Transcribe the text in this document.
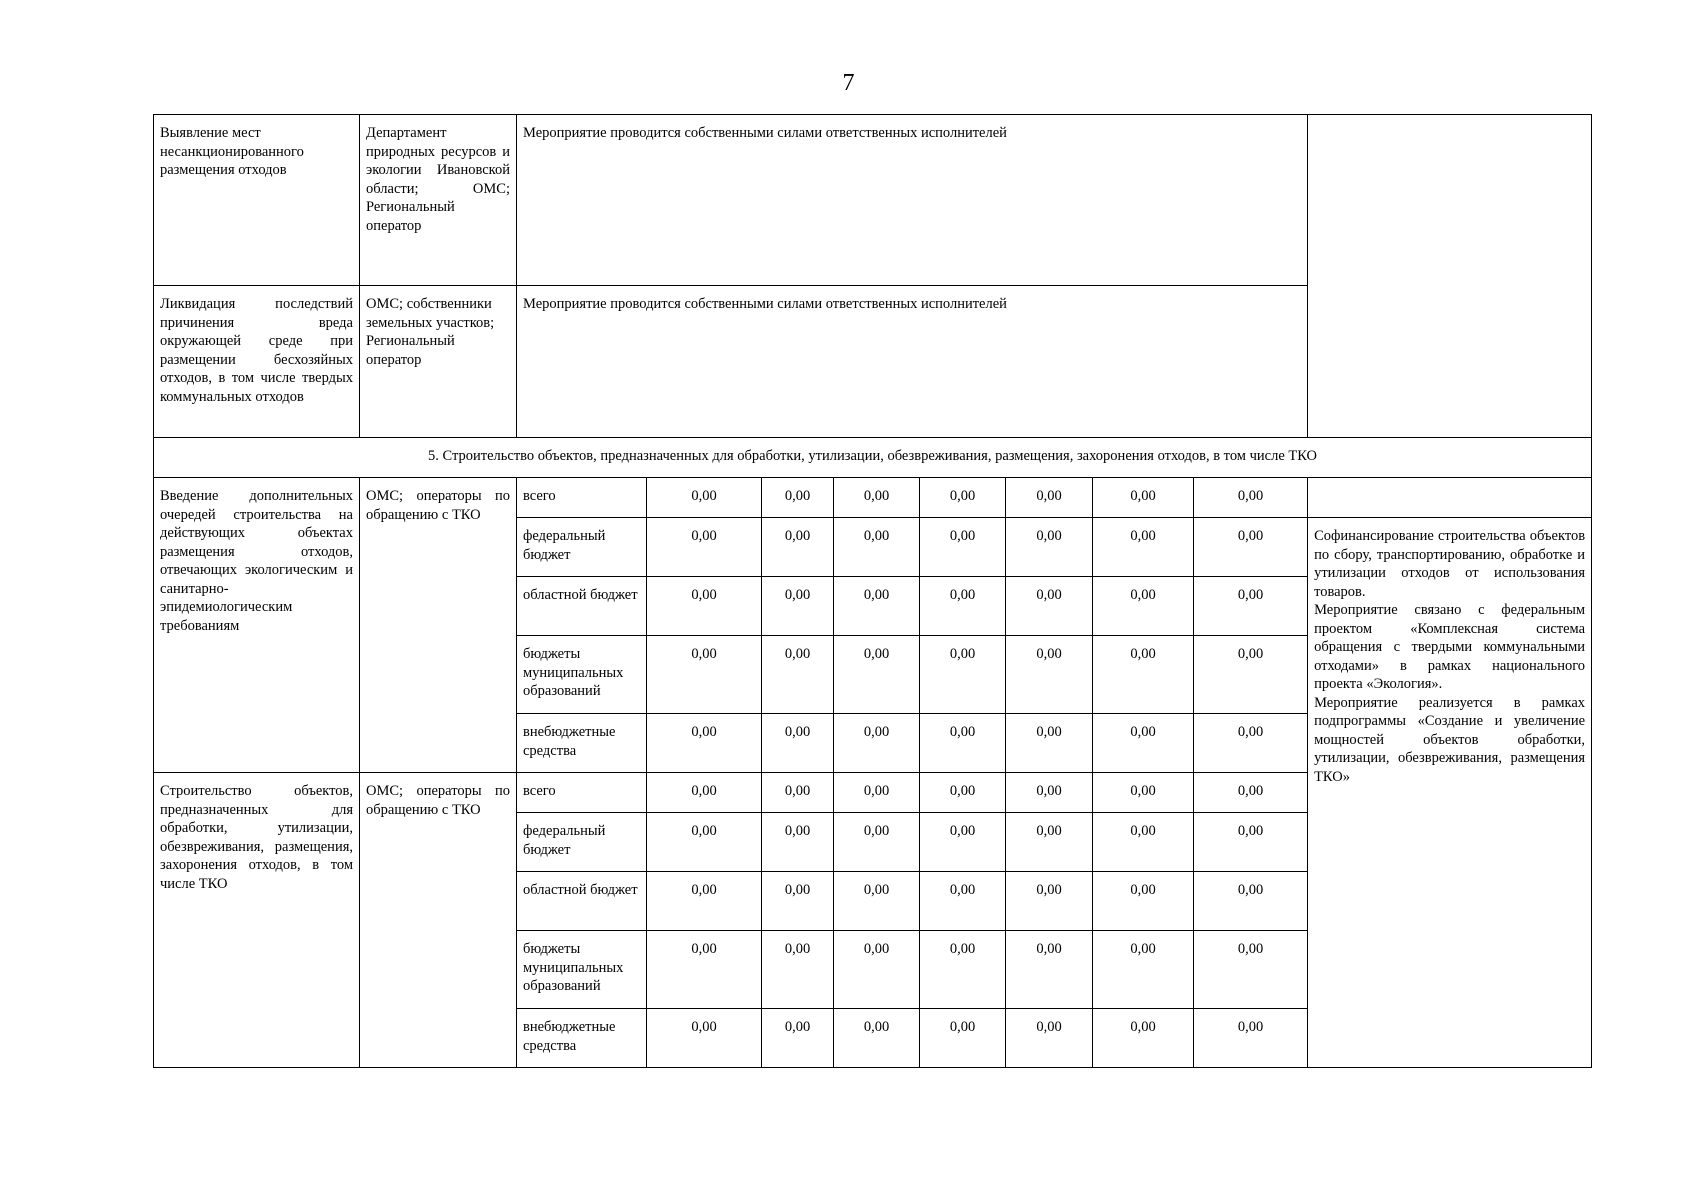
7
Выявление мест несанкционированного размещения отходов	Департамент природных ресурсов и экологии Ивановской области; ОМС; Региональный оператор	Мероприятие проводится собственными силами ответственных исполнителей								
Ликвидация последствий причинения вреда окружающей среде при размещении бесхозяйных отходов, в том числе твердых коммунальных отходов	ОМС; собственники земельных участков; Региональный оператор	Мероприятие проводится собственными силами ответственных исполнителей								
5. Строительство объектов, предназначенных для обработки, утилизации, обезвреживания, размещения, захоронения отходов, в том числе ТКО										
Введение дополнительных очередей строительства на действующих объектах размещения отходов, отвечающих экологическим и санитарно-эпидемиологическим требованиям	ОМС; операторы по обращению с ТКО	всего	0,00	0,00	0,00	0,00	0,00	0,00	0,00	
		федеральный бюджет	0,00	0,00	0,00	0,00	0,00	0,00	0,00	Софинансирование строительства объектов по сбору, транспортированию, обработке и утилизации отходов от использования товаров.
Мероприятие связано с федеральным проектом «Комплексная система обращения с твердыми коммунальными отходами» в рамках национального проекта «Экология».
Мероприятие реализуется в рамках подпрограммы «Создание и увеличение мощностей объектов обработки, утилизации, обезвреживания, размещения ТКО»

		областной бюджет	0,00	0,00	0,00	0,00	0,00	0,00	0,00	
		бюджеты муниципальных образований	0,00	0,00	0,00	0,00	0,00	0,00	0,00	
		внебюджетные средства	0,00	0,00	0,00	0,00	0,00	0,00	0,00	
Строительство объектов, предназначенных для обработки, утилизации, обезвреживания, размещения, захоронения отходов, в том числе ТКО	ОМС; операторы по обращению с ТКО	всего	0,00	0,00	0,00	0,00	0,00	0,00	0,00	
		федеральный бюджет	0,00	0,00	0,00	0,00	0,00	0,00	0,00	
		областной бюджет	0,00	0,00	0,00	0,00	0,00	0,00	0,00	
		бюджеты муниципальных образований	0,00	0,00	0,00	0,00	0,00	0,00	0,00	
		внебюджетные средства	0,00	0,00	0,00	0,00	0,00	0,00	0,00	
